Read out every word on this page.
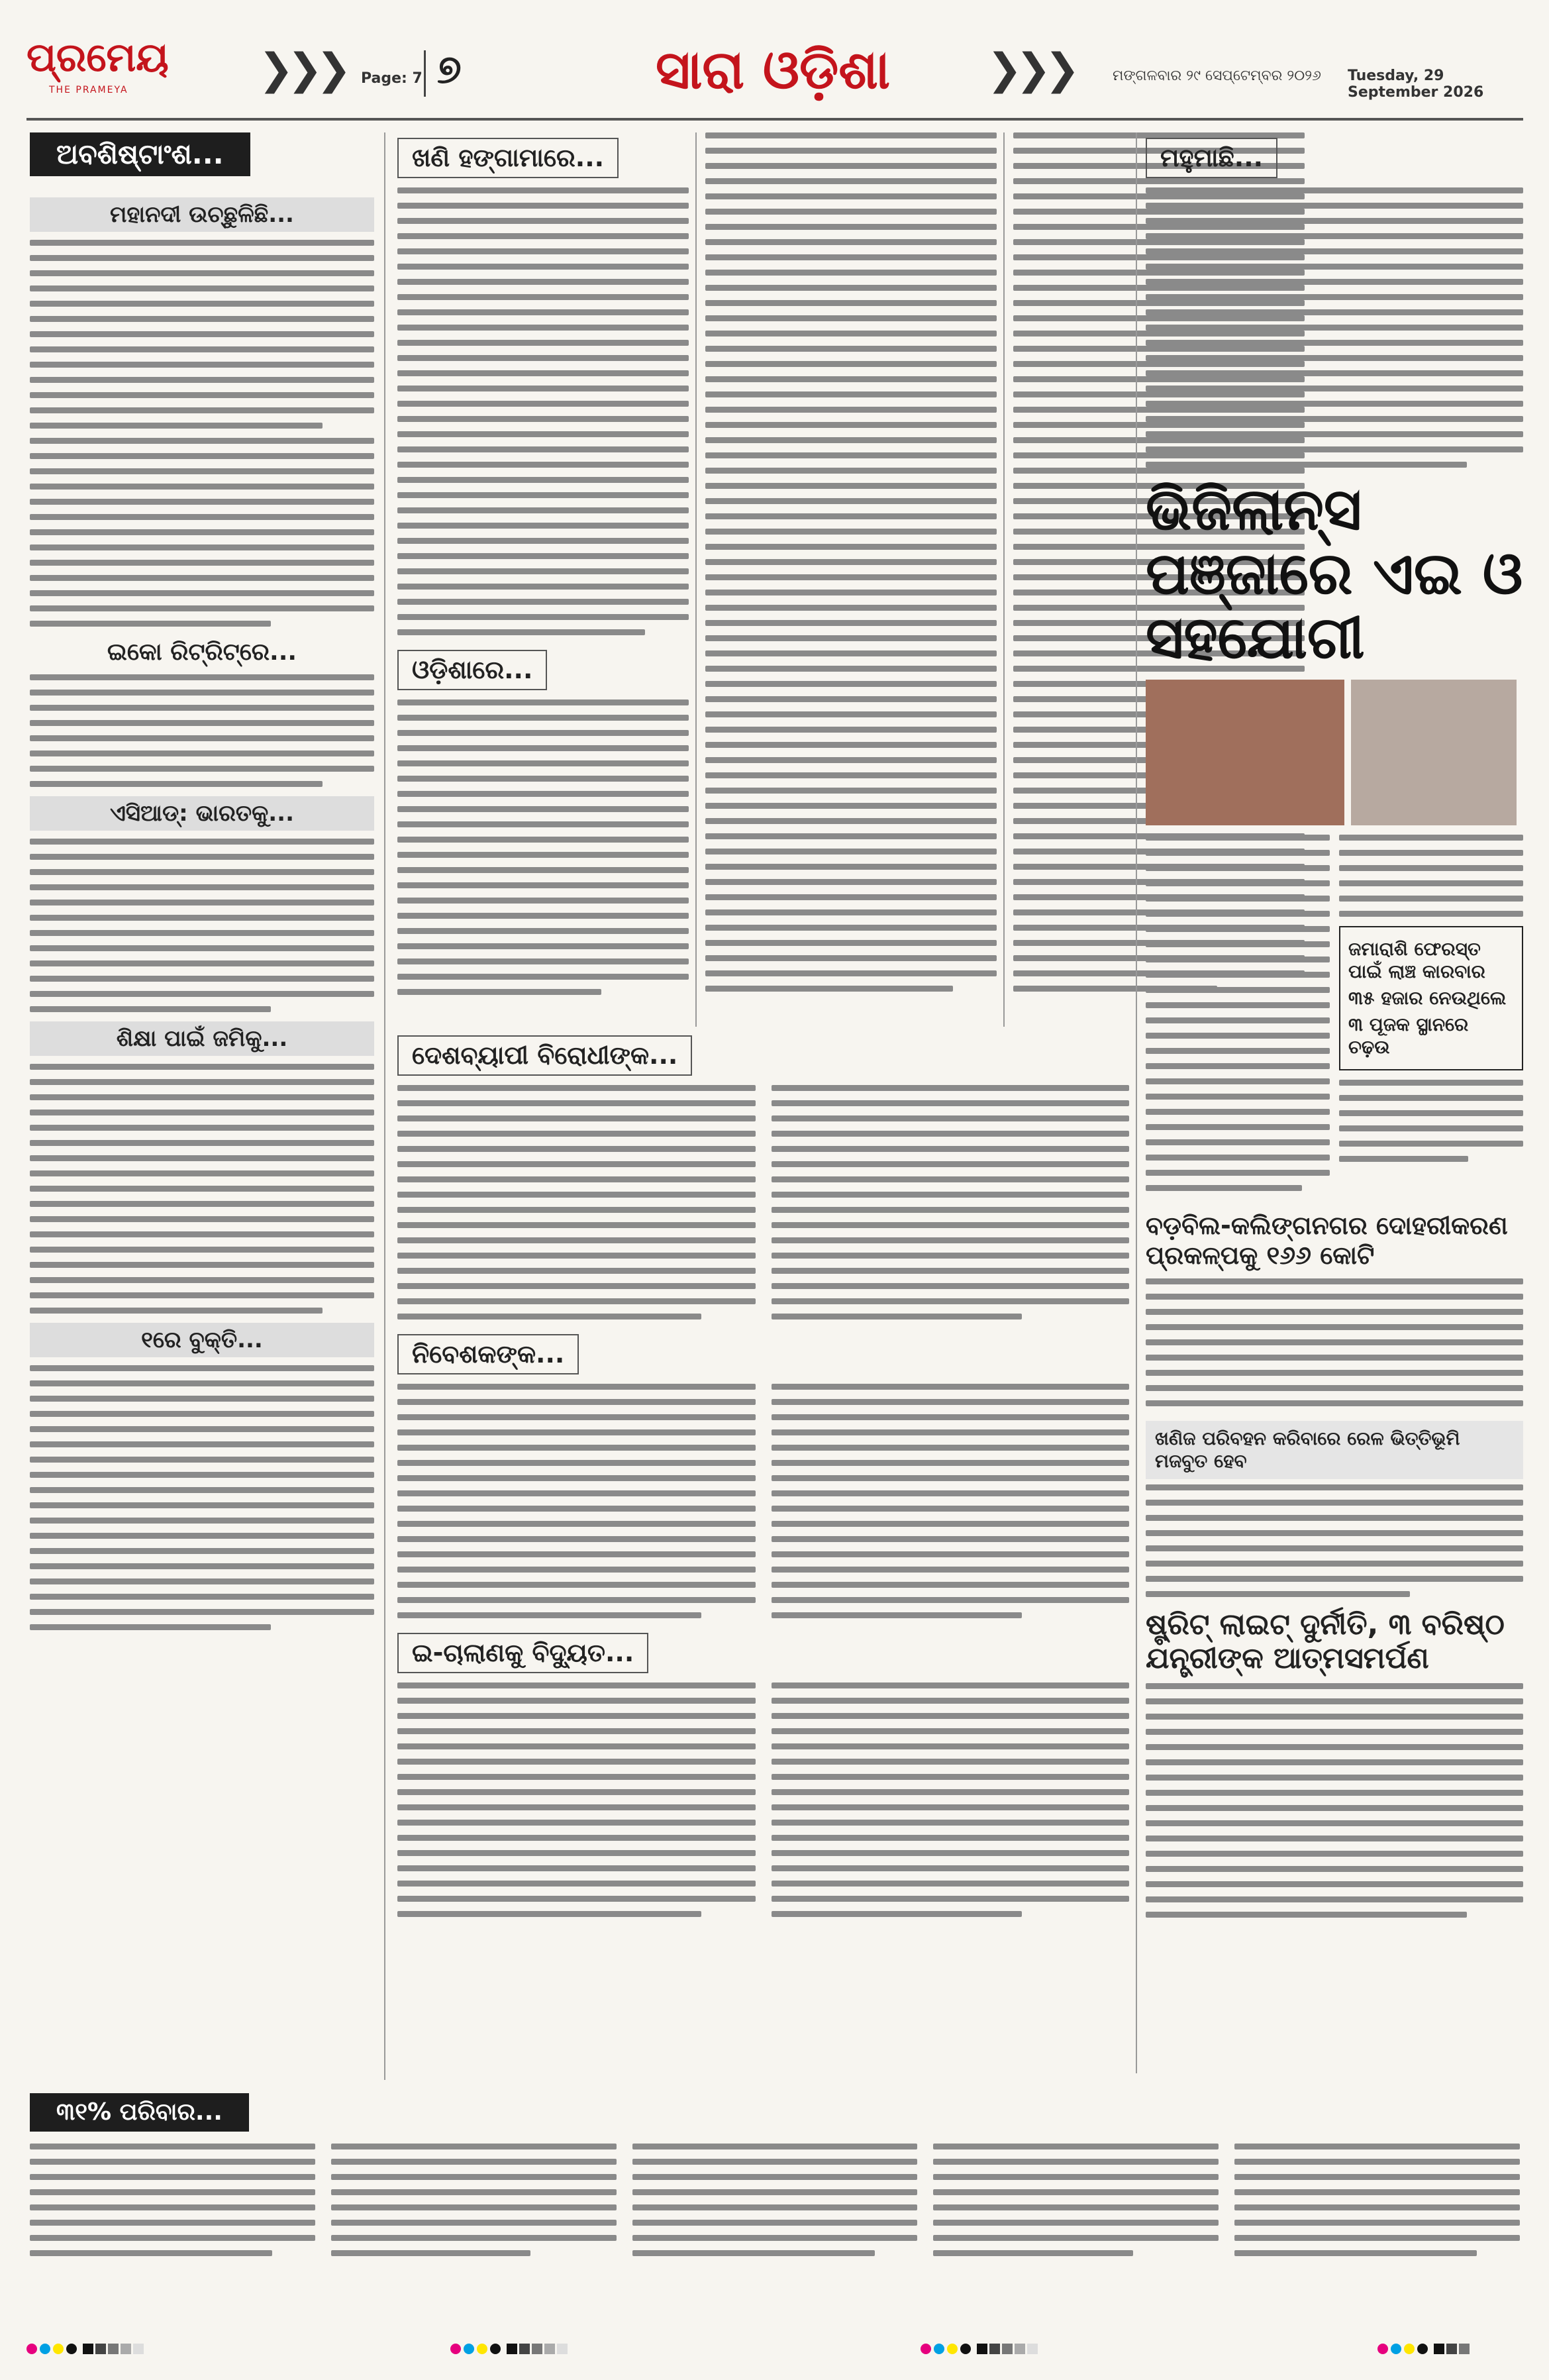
ପ୍ରମେୟ
THE PRAMEYA	❯❯❯ Page: 7 ୭	ସାରା ଓଡ଼ିଶା ❯❯❯	ମଙ୍ଗଳବାର ୨୯ ସେପ୍ଟେମ୍ବର ୨୦୨୬ Tuesday, 29 September 2026
ଅବଶିଷ୍ଟାଂଶ...
ମହାନଦୀ ଉଚ୍ଛୁଳିଛି...
ଇକୋ ରିଟ୍ରିଟ୍‌ରେ...
ଏସିଆଡ୍: ଭାରତକୁ...
ଶିକ୍ଷା ପାଇଁ ଜମିକୁ...
୧ରେ ବୁକ୍ତି...
ଖଣି ହଙ୍ଗାମାରେ...
ଓଡ଼ିଶାରେ...
ଦେଶବ୍ୟାପୀ ବିରୋଧୀଙ୍କ...
ନିବେଶକଙ୍କ...
ଇ-ଚାଲାଣକୁ ବିଦ୍ୟୁତ...
ମହୁମାଛି...
ଭିଜିଲାନ୍ସ ପଞ୍ଜାରେ ଏଇ ଓ ସହଯୋଗୀ
ଜମାରାଶି ଫେରସ୍ତ ପାଇଁ ଲାଞ୍ଚ କାରବାର
୩୫ ହଜାର ନେଉଥିଲେ
୩ ପୂଜକ ସ୍ଥାନରେ ଚଢ଼ଉ
ବଡ଼ବିଲ-କଲିଙ୍ଗନଗର ଦୋହରୀକରଣ ପ୍ରକଳ୍ପକୁ ୧୬୬ କୋଟି
ଖଣିଜ ପରିବହନ କରିବାରେ ରେଳ ଭିତ୍ତିଭୂମି ମଜବୁତ ହେବ
ଷ୍ଟ୍ରିଟ୍ ଲାଇଟ୍ ଦୁର୍ନୀତି, ୩ ବରିଷ୍ଠ ଯନ୍ତ୍ରୀଙ୍କ ଆତ୍ମସମର୍ପଣ
୩୧% ପରିବାର...
